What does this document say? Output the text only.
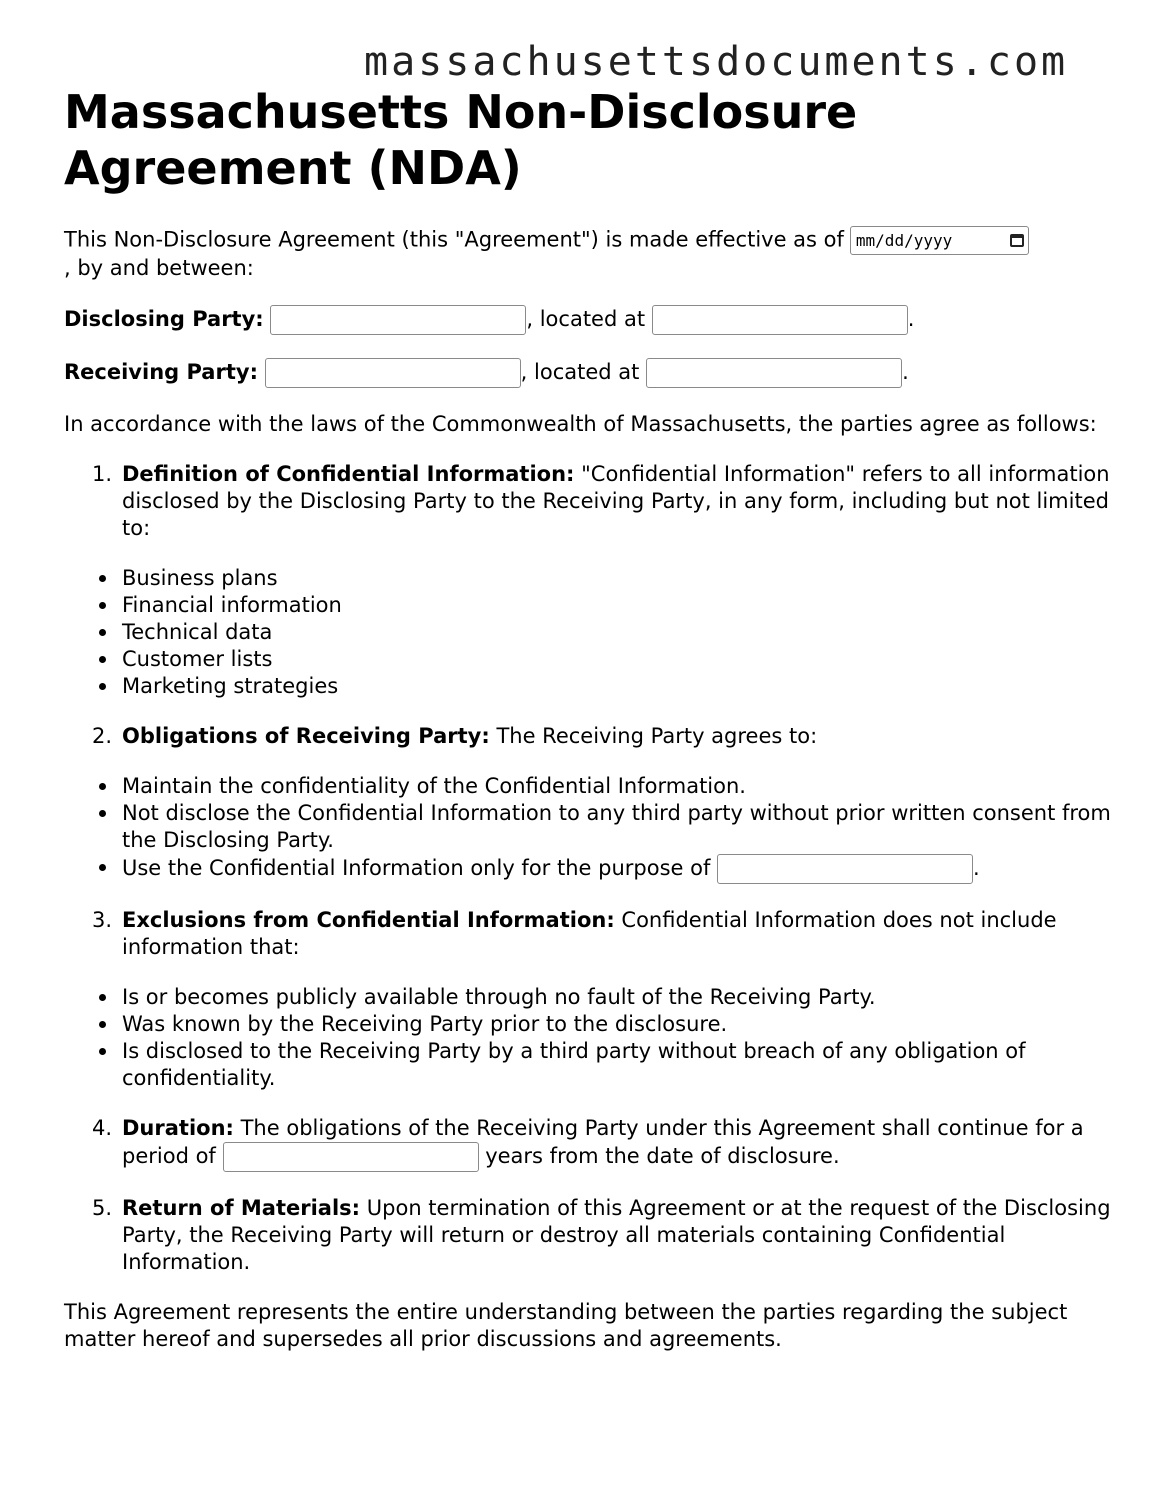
massachusettsdocuments.com
Massachusetts Non-Disclosure Agreement (NDA)

This Non-Disclosure Agreement (this "Agreement") is made effective as of mm/dd/yyyy

, by and between:

Disclosing Party:	, located at	.

Receiving Party:	, located at	.

In accordance with the laws of the Commonwealth of Massachusetts, the parties agree as follows:

Definition of Confidential Information: "Confidential Information" refers to all information disclosed by the Disclosing Party to the Receiving Party, in any form, including but not limited to:
Business plans
Financial information
Technical data
Customer lists
Marketing strategies
Obligations of Receiving Party: The Receiving Party agrees to:
Maintain the confidentiality of the Confidential Information.
Not disclose the Confidential Information to any third party without prior written consent from the Disclosing Party.
Use the Confidential Information only for the purpose of	.
Exclusions from Confidential Information: Confidential Information does not include information that:
Is or becomes publicly available through no fault of the Receiving Party.
Was known by the Receiving Party prior to the disclosure.
Is disclosed to the Receiving Party by a third party without breach of any obligation of confidentiality.
Duration: The obligations of the Receiving Party under this Agreement shall continue for a period of	years from the date of disclosure.
Return of Materials: Upon termination of this Agreement or at the request of the Disclosing Party, the Receiving Party will return or destroy all materials containing Confidential Information.

This Agreement represents the entire understanding between the parties regarding the subject matter hereof and supersedes all prior discussions and agreements.
